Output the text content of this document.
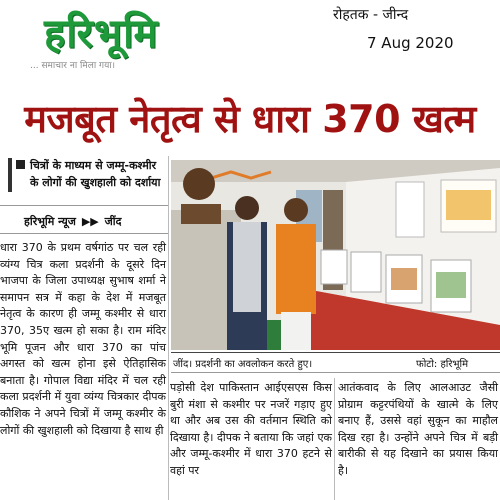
हरिभूमि	रोहतक - जीन्द
7 Aug 2020
... समाचार ना मिला गया।
मजबूत नेतृत्व से धारा 370 खत्म
चित्रों के माध्यम से जम्मू-कश्मीर के लोगों की खुशहाली को दर्शाया
हरिभूमि न्यूज ▶▶ जींद

धारा 370 के प्रथम वर्षगांठ पर चल रही व्यंग्य चित्र कला प्रदर्शनी के दूसरे दिन भाजपा के जिला उपाध्यक्ष सुभाष शर्मा ने समापन सत्र में कहा के देश में मजबूत नेतृत्व के कारण ही जम्मू कश्मीर से धारा 370, 35ए खत्म हो सका है। राम मंदिर भूमि पूजन और धारा 370 का पांच अगस्त को खत्म होना इसे ऐतिहासिक बनाता है। गोपाल विद्या मंदिर में चल रही कला प्रदर्शनी में युवा व्यंग्य चित्रकार दीपक कौशिक ने अपने चित्रों में जम्मू कश्मीर के लोगों की खुशहाली को दिखाया है साथ ही

जींद। प्रदर्शनी का अवलोकन करते हुए।	फोटो: हरिभूमि

पड़ोसी देश पाकिस्तान आईएसएस किस बुरी मंशा से कश्मीर पर नजरें गड़ाए हुए था और अब उस की वर्तमान स्थिति को दिखाया है। दीपक ने बताया कि जहां एक और जम्मू-कश्मीर में धारा 370 हटने से वहां पर

आतंकवाद के लिए आलआउट जैसी प्रोग्राम कट्टरपंथियों के खात्मे के लिए बनाए हैं, उससे वहां सुकून का माहौल दिख रहा है। उन्होंने अपने चित्र में बड़ी बारीकी से यह दिखाने का प्रयास किया है।
